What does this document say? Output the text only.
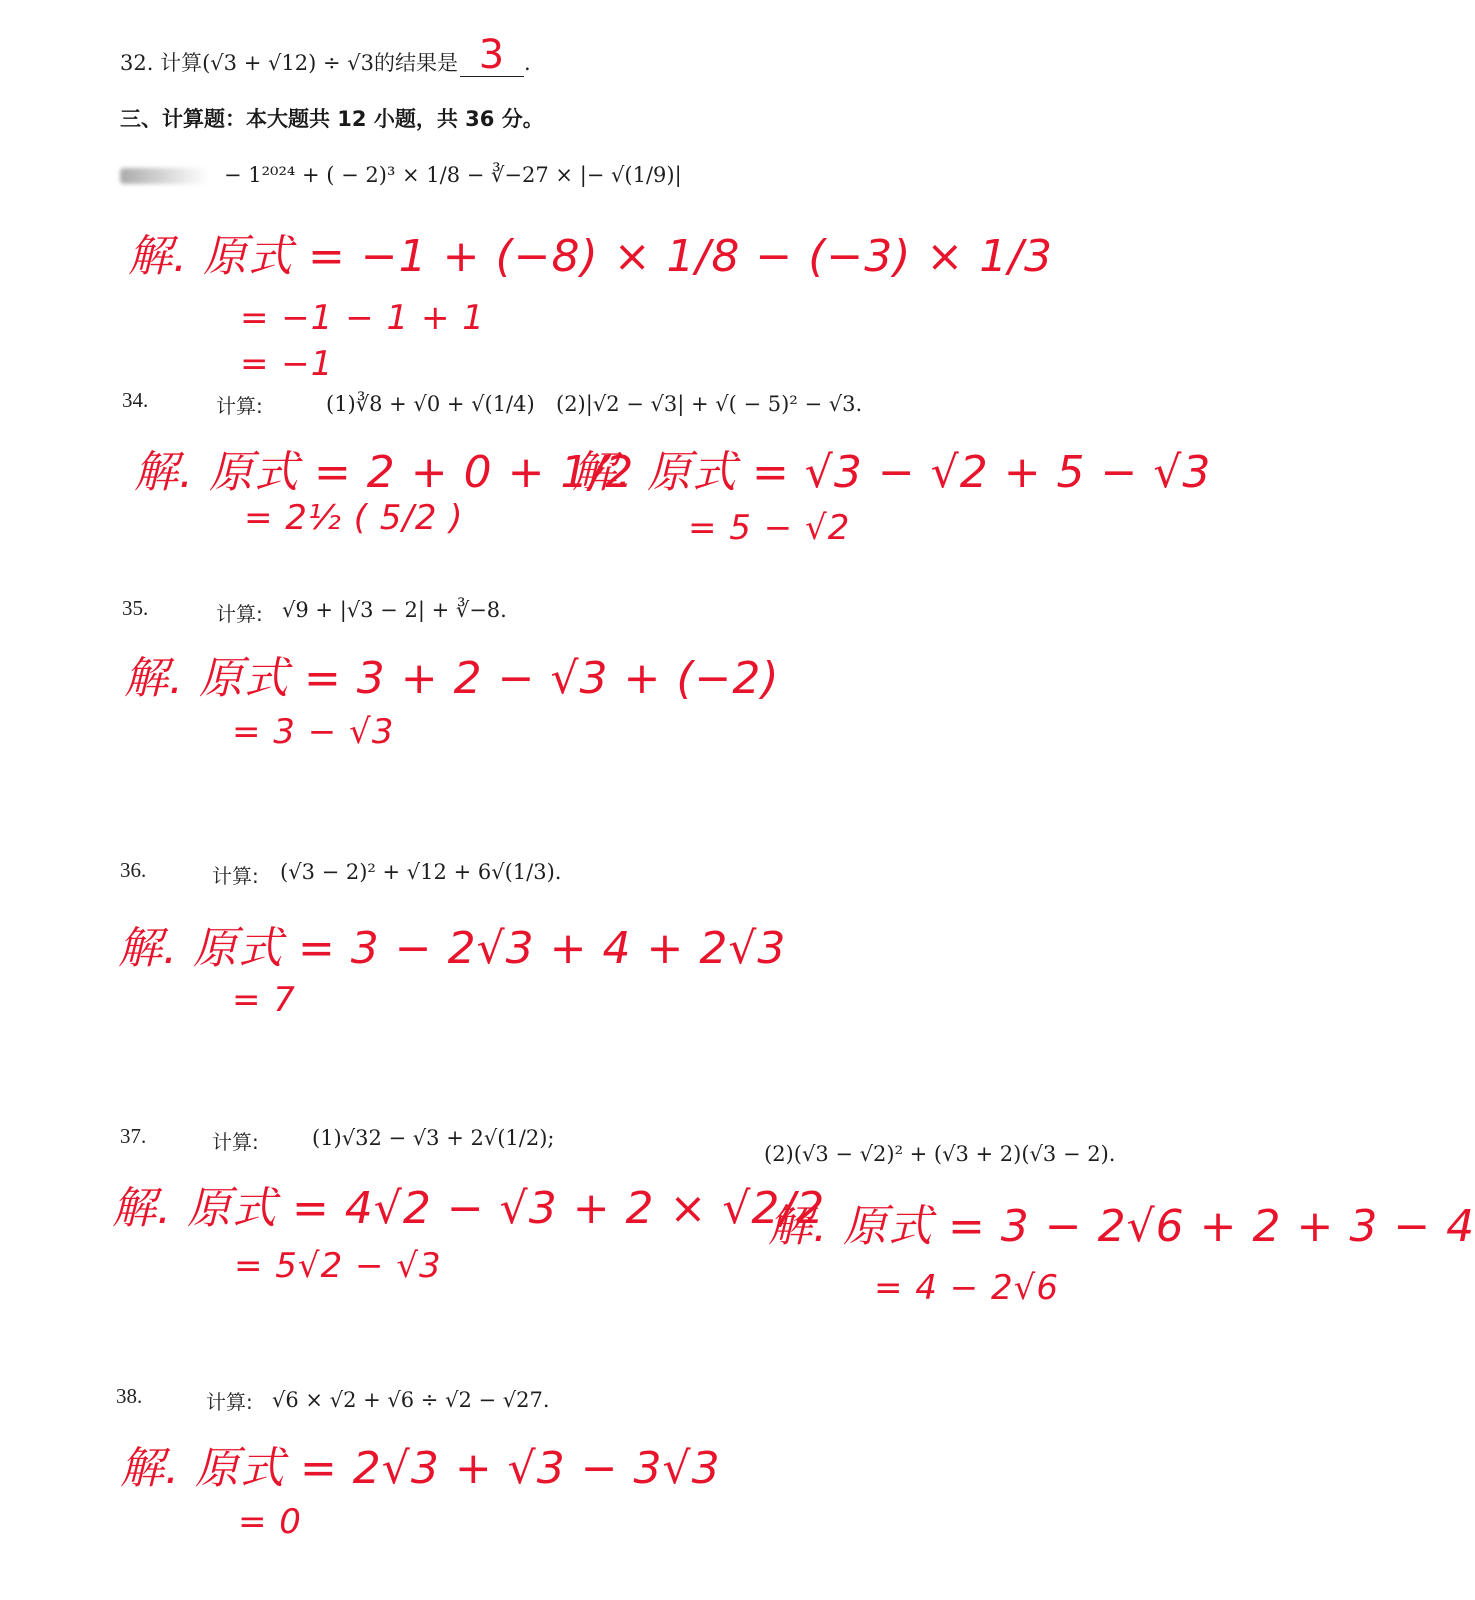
32. 计算(√3 + √12) ÷ √3的结果是 3 .
三、计算题：本大题共 12 小题，共 36 分。
− 1²⁰²⁴ + ( − 2)³ × 1/8 − ∛−27 × |− √(1/9)|
解. 原式 = −1 + (−8) × 1/8 − (−3) × 1/3
= −1 − 1 + 1
= −1
34.	计算:	(1)∛8 + √0 + √(1/4) (2)|√2 − √3| + √( − 5)² − √3.
解. 原式 = 2 + 0 + 1/2
= 2½ ( 5/2 )
解. 原式 = √3 − √2 + 5 − √3
= 5 − √2
35.	计算: √9 + |√3 − 2| + ∛−8.
解. 原式 = 3 + 2 − √3 + (−2)
= 3 − √3
36.	计算: (√3 − 2)² + √12 + 6√(1/3).
解. 原式 = 3 − 2√3 + 4 + 2√3
= 7
37.	计算:	(1)√32 − √3 + 2√(1/2);
(2)(√3 − √2)² + (√3 + 2)(√3 − 2).
解. 原式 = 4√2 − √3 + 2 × √2/2
= 5√2 − √3
解. 原式 = 3 − 2√6 + 2 + 3 − 4
= 4 − 2√6
38.	计算: √6 × √2 + √6 ÷ √2 − √27.
解. 原式 = 2√3 + √3 − 3√3
= 0
